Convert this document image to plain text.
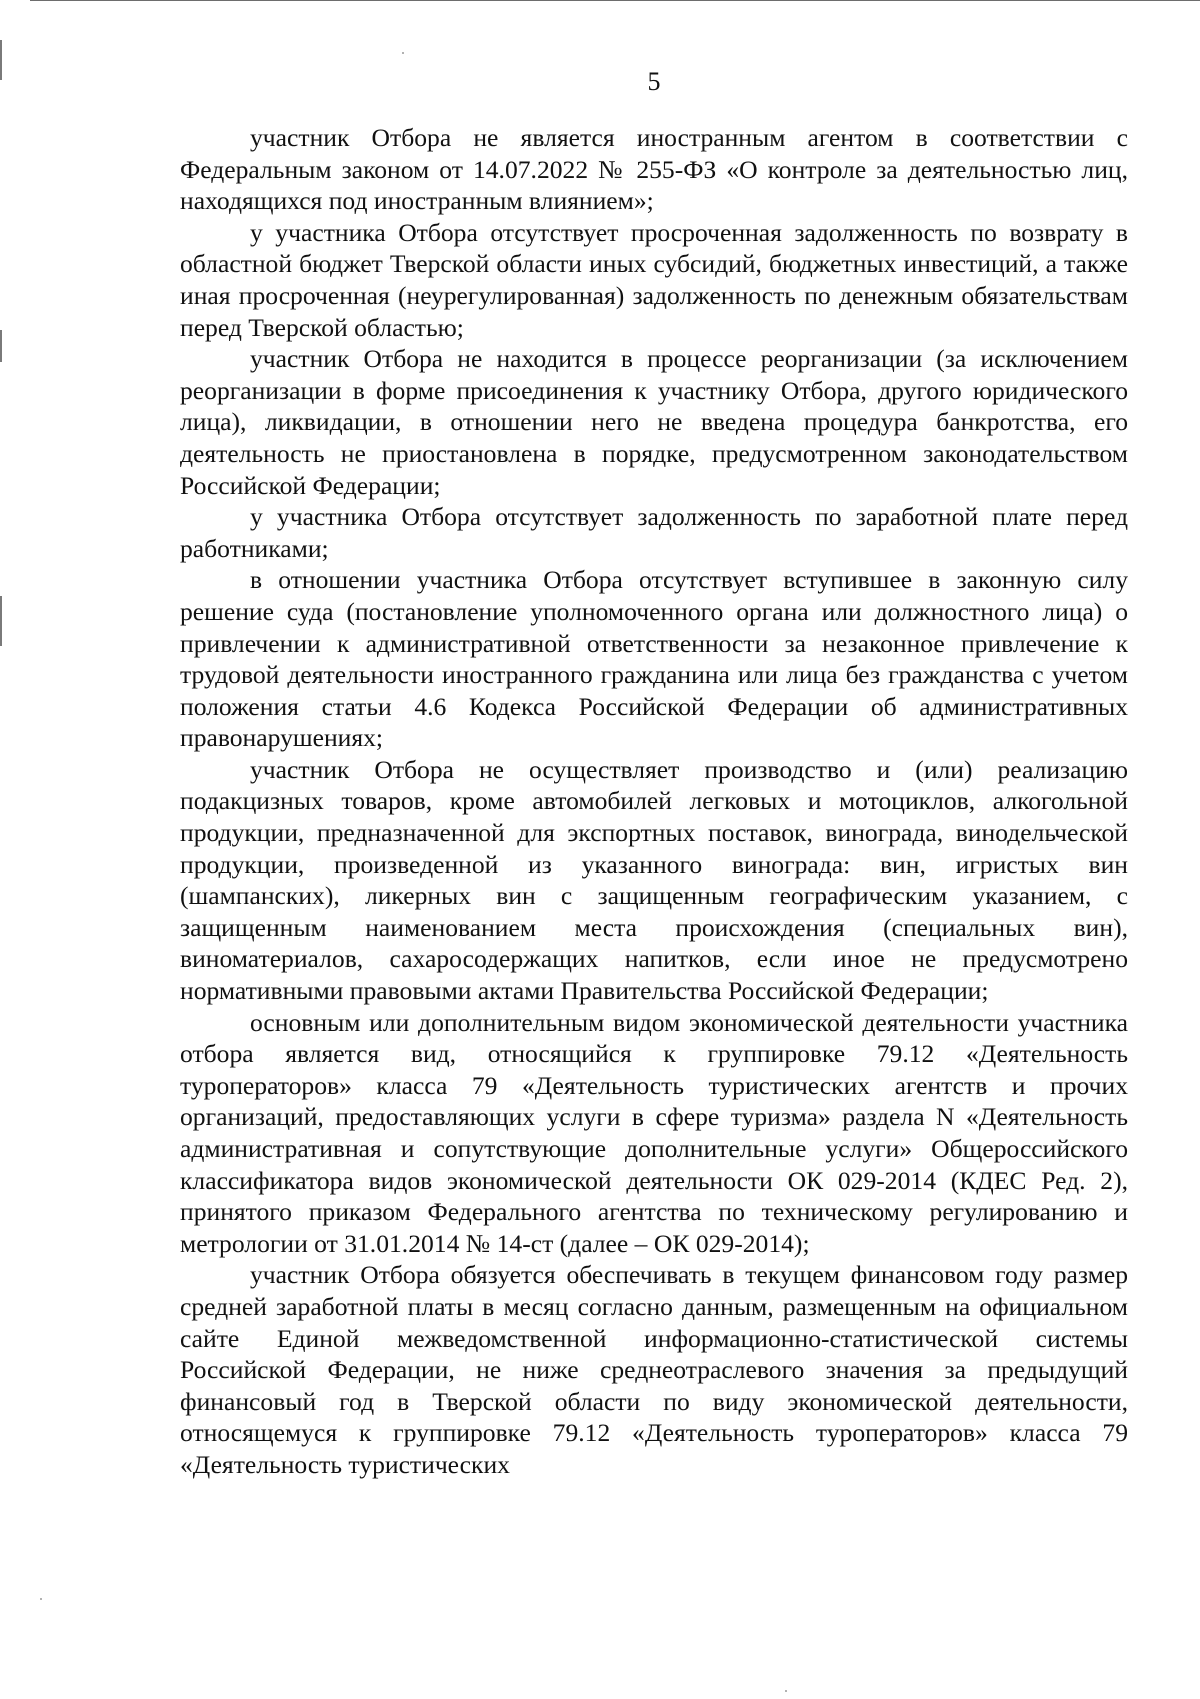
5

участник Отбора не является иностранным агентом в соответствии с Федеральным законом от 14.07.2022 № 255-ФЗ «О контроле за деятельностью лиц, находящихся под иностранным влиянием»;

у участника Отбора отсутствует просроченная задолженность по возврату в областной бюджет Тверской области иных субсидий, бюджетных инвестиций, а также иная просроченная (неурегулированная) задолженность по денежным обязательствам перед Тверской областью;

участник Отбора не находится в процессе реорганизации (за исключением реорганизации в форме присоединения к участнику Отбора, другого юридического лица), ликвидации, в отношении него не введена процедура банкротства, его деятельность не приостановлена в порядке, предусмотренном законодательством Российской Федерации;

у участника Отбора отсутствует задолженность по заработной плате перед работниками;

в отношении участника Отбора отсутствует вступившее в законную силу решение суда (постановление уполномоченного органа или должностного лица) о привлечении к административной ответственности за незаконное привлечение к трудовой деятельности иностранного гражданина или лица без гражданства с учетом положения статьи 4.6 Кодекса Российской Федерации об административных правонарушениях;

участник Отбора не осуществляет производство и (или) реализацию подакцизных товаров, кроме автомобилей легковых и мотоциклов, алкогольной продукции, предназначенной для экспортных поставок, винограда, винодельческой продукции, произведенной из указанного винограда: вин, игристых вин (шампанских), ликерных вин с защищенным географическим указанием, с защищенным наименованием места происхождения (специальных вин), виноматериалов, сахаросодержащих напитков, если иное не предусмотрено нормативными правовыми актами Правительства Российской Федерации;

основным или дополнительным видом экономической деятельности участника отбора является вид, относящийся к группировке 79.12 «Деятельность туроператоров» класса 79 «Деятельность туристических агентств и прочих организаций, предоставляющих услуги в сфере туризма» раздела N «Деятельность административная и сопутствующие дополнительные услуги» Общероссийского классификатора видов экономической деятельности ОК 029-2014 (КДЕС Ред. 2), принятого приказом Федерального агентства по техническому регулированию и метрологии от 31.01.2014 № 14-ст (далее – ОК 029-2014);

участник Отбора обязуется обеспечивать в текущем финансовом году размер средней заработной платы в месяц согласно данным, размещенным на официальном сайте Единой межведомственной информационно-статистической системы Российской Федерации, не ниже среднеотраслевого значения за предыдущий финансовый год в Тверской области по виду экономической деятельности, относящемуся к группировке 79.12 «Деятельность туроператоров» класса 79 «Деятельность туристических
